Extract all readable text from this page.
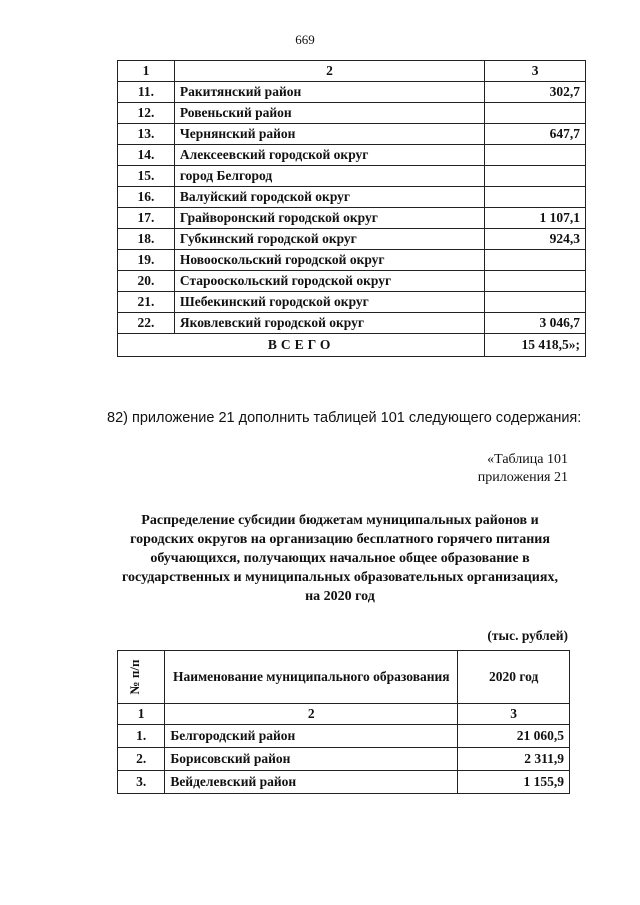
669
1	2	3
11.	Ракитянский район	302,7
12.	Ровеньский район	
13.	Чернянский район	647,7
14.	Алексеевский городской округ	
15.	город Белгород	
16.	Валуйский городской округ	
17.	Грайворонский городской округ	1 107,1
18.	Губкинский городской округ	924,3
19.	Новооскольский городской округ	
20.	Старооскольский городской округ	
21.	Шебекинский городской округ	
22.	Яковлевский городской округ	3 046,7
ВСЕГО		15 418,5»;
82) приложение 21 дополнить таблицей 101 следующего содержания:
«Таблица 101
приложения 21
Распределение субсидии бюджетам муниципальных районов и городских округов на организацию бесплатного горячего питания обучающихся, получающих начальное общее образование в государственных и муниципальных образовательных организациях, на 2020 год
(тыс. рублей)
№ п/п	Наименование муниципального образования	2020 год
1	2	3
1.	Белгородский район	21 060,5
2.	Борисовский район	2 311,9
3.	Вейделевский район	1 155,9
